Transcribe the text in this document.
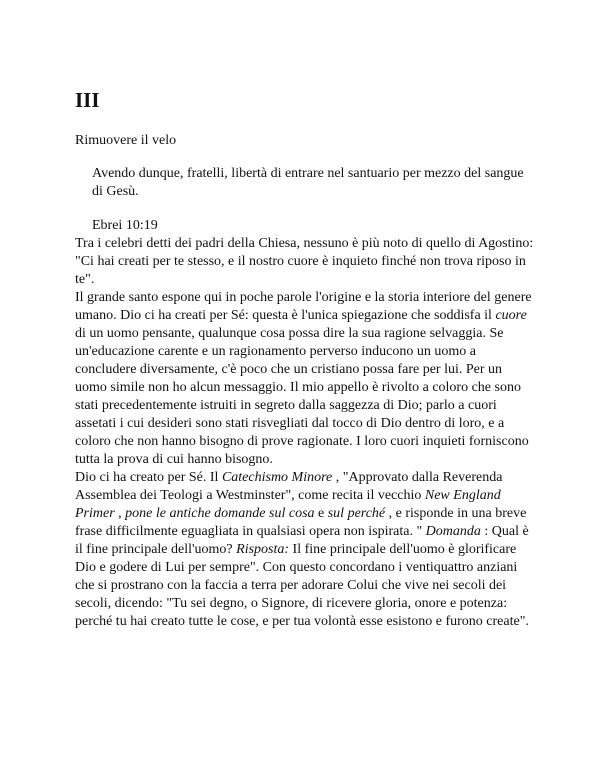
III
Rimuovere il velo
Avendo dunque, fratelli, libertà di entrare nel santuario per mezzo del sangue di Gesù.
Ebrei 10:19

Tra i celebri detti dei padri della Chiesa, nessuno è più noto di quello di Agostino: "Ci hai creati per te stesso, e il nostro cuore è inquieto finché non trova riposo in te".

Il grande santo espone qui in poche parole l'origine e la storia interiore del genere umano. Dio ci ha creati per Sé: questa è l'unica spiegazione che soddisfa il cuore di un uomo pensante, qualunque cosa possa dire la sua ragione selvaggia. Se un'educazione carente e un ragionamento perverso inducono un uomo a concludere diversamente, c'è poco che un cristiano possa fare per lui. Per un uomo simile non ho alcun messaggio. Il mio appello è rivolto a coloro che sono stati precedentemente istruiti in segreto dalla saggezza di Dio; parlo a cuori assetati i cui desideri sono stati risvegliati dal tocco di Dio dentro di loro, e a coloro che non hanno bisogno di prove ragionate. I loro cuori inquieti forniscono tutta la prova di cui hanno bisogno.

Dio ci ha creato per Sé. Il Catechismo Minore , "Approvato dalla Reverenda Assemblea dei Teologi a Westminster", come recita il vecchio New England Primer , pone le antiche domande sul cosa e sul perché , e risponde in una breve frase difficilmente eguagliata in qualsiasi opera non ispirata. " Domanda : Qual è il fine principale dell'uomo? Risposta: Il fine principale dell'uomo è glorificare Dio e godere di Lui per sempre". Con questo concordano i ventiquattro anziani che si prostrano con la faccia a terra per adorare Colui che vive nei secoli dei secoli, dicendo: "Tu sei degno, o Signore, di ricevere gloria, onore e potenza: perché tu hai creato tutte le cose, e per tua volontà esse esistono e furono create".
